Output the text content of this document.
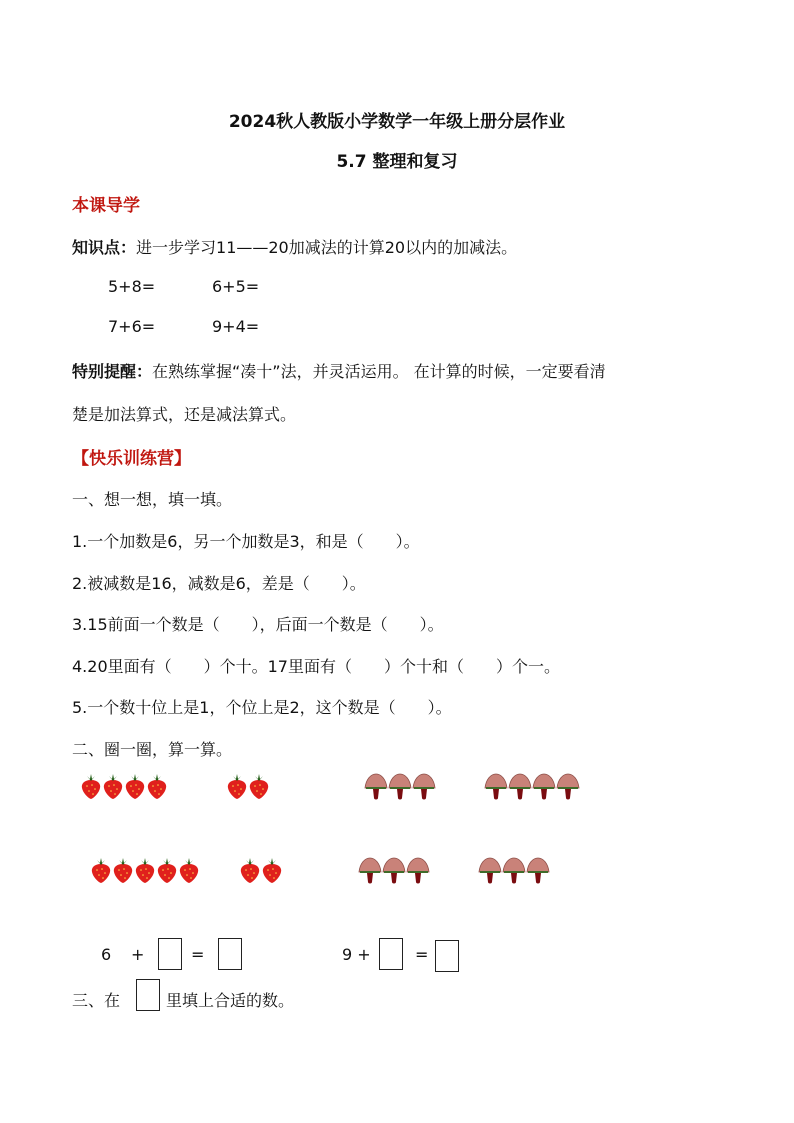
2024秋人教版小学数学一年级上册分层作业
5.7 整理和复习
本课导学
知识点：进一步学习11——20加减法的计算20以内的加减法。
5+8=	6+5=
7+6=	9+4=
特别提醒：在熟练掌握“凑十”法，并灵活运用。 在计算的时候，一定要看清
楚是加法算式，还是减法算式。
【快乐训练营】
一、想一想，填一填。
1.一个加数是6，另一个加数是3，和是（　　）。
2.被减数是16，减数是6，差是（　　）。
3.15前面一个数是（　　），后面一个数是（　　）。
4.20里面有（　　）个十。17里面有（　　）个十和（　　）个一。
5.一个数十位上是1，个位上是2，这个数是（　　）。
二、圈一圈，算一算。
6 +	=	9 +	=
三、在	里填上合适的数。
